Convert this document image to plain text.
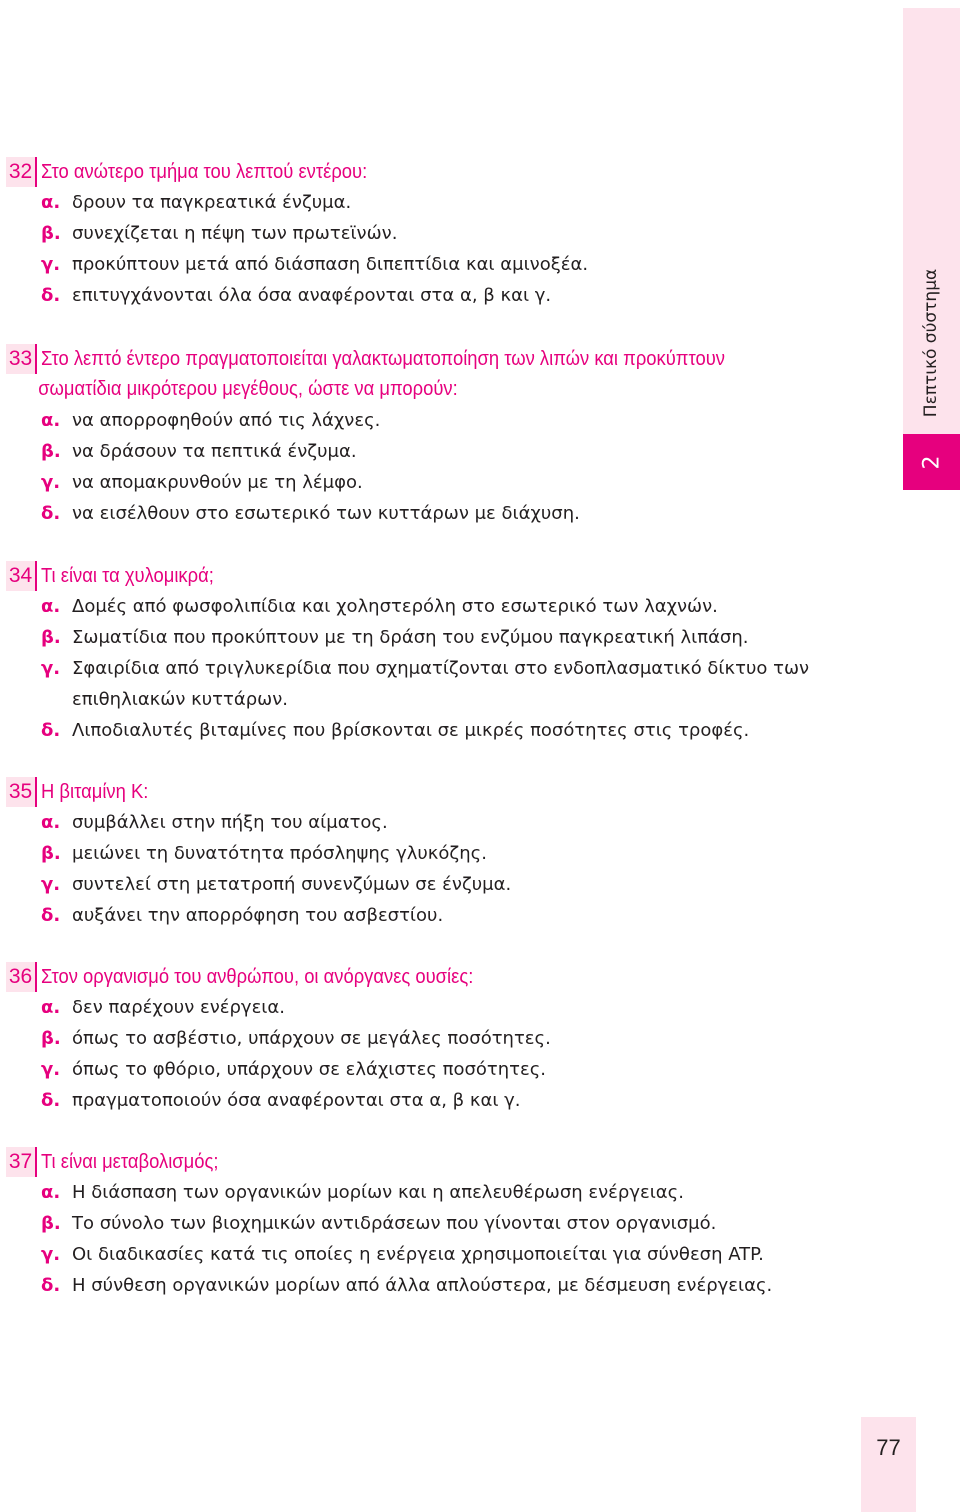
Πεπτικό σύστημα
2
32 Στο ανώτερο τμήμα του λεπτού εντέρου:
α. δρουν τα παγκρεατικά ένζυμα.
β. συνεχίζεται η πέψη των πρωτεϊνών.
γ. προκύπτουν μετά από διάσπαση διπεπτίδια και αμινοξέα.
δ. επιτυγχάνονται όλα όσα αναφέρονται στα α, β και γ.
33 Στο λεπτό έντερο πραγματοποιείται γαλακτωματοποίηση των λιπών και προκύπτουν
σωματίδια μικρότερου μεγέθους, ώστε να μπορούν:
α. να απορροφηθούν από τις λάχνες.
β. να δράσουν τα πεπτικά ένζυμα.
γ. να απομακρυνθούν με τη λέμφο.
δ. να εισέλθουν στο εσωτερικό των κυττάρων με διάχυση.
34 Τι είναι τα χυλομικρά;
α. Δομές από φωσφολιπίδια και χοληστερόλη στο εσωτερικό των λαχνών.
β. Σωματίδια που προκύπτουν με τη δράση του ενζύμου παγκρεατική λιπάση.
γ. Σφαιρίδια από τριγλυκερίδια που σχηματίζονται στο ενδοπλασματικό δίκτυο των
επιθηλιακών κυττάρων.
δ. Λιποδιαλυτές βιταμίνες που βρίσκονται σε μικρές ποσότητες στις τροφές.
35 Η βιταμίνη Κ:
α. συμβάλλει στην πήξη του αίματος.
β. μειώνει τη δυνατότητα πρόσληψης γλυκόζης.
γ. συντελεί στη μετατροπή συνενζύμων σε ένζυμα.
δ. αυξάνει την απορρόφηση του ασβεστίου.
36 Στον οργανισμό του ανθρώπου, οι ανόργανες ουσίες:
α. δεν παρέχουν ενέργεια.
β. όπως το ασβέστιο, υπάρχουν σε μεγάλες ποσότητες.
γ. όπως το φθόριο, υπάρχουν σε ελάχιστες ποσότητες.
δ. πραγματοποιούν όσα αναφέρονται στα α, β και γ.
37 Τι είναι μεταβολισμός;
α. Η διάσπαση των οργανικών μορίων και η απελευθέρωση ενέργειας.
β. Το σύνολο των βιοχημικών αντιδράσεων που γίνονται στον οργανισμό.
γ. Οι διαδικασίες κατά τις οποίες η ενέργεια χρησιμοποιείται για σύνθεση ATP.
δ. Η σύνθεση οργανικών μορίων από άλλα απλούστερα, με δέσμευση ενέργειας.
77
